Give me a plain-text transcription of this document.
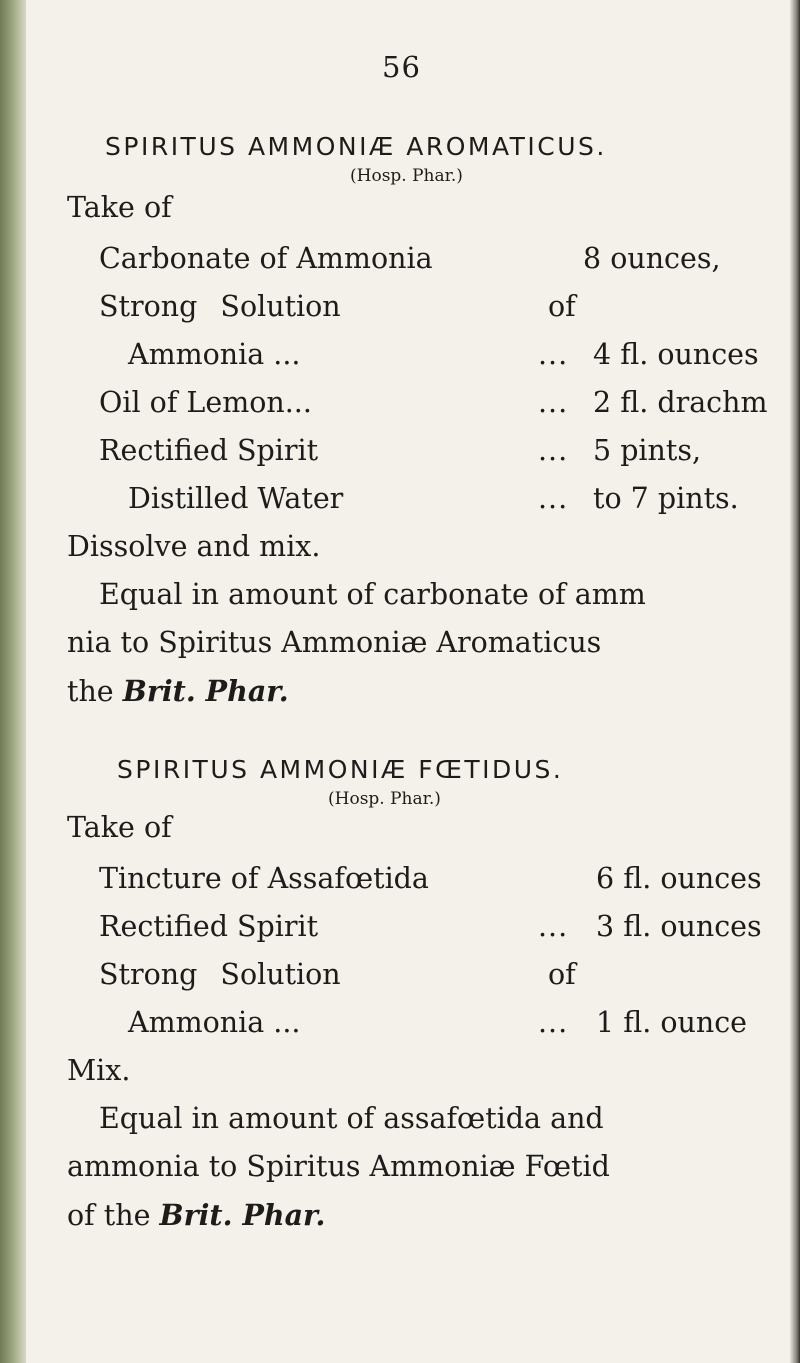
56
SPIRITUS AMMONIÆ AROMATICUS.
(Hosp. Phar.)
Take of
Carbonate of Ammonia	8 ounces,
Strong Solution	of
Ammonia ...	... 4 fl. ounces
Oil of Lemon...	... 2 fl. drachm
Rectified Spirit	... 5 pints,
Distilled Water	... to 7 pints.
Dissolve and mix.
Equal in amount of carbonate of amm
nia to Spiritus Ammoniæ Aromaticus
the Brit. Phar.
SPIRITUS AMMONIÆ FŒTIDUS.
(Hosp. Phar.)
Take of
Tincture of Assafœtida	6 fl. ounces
Rectified Spirit	... 3 fl. ounces
Strong Solution	of
Ammonia ...	... 1 fl. ounce
Mix.
Equal in amount of assafœtida and
ammonia to Spiritus Ammoniæ Fœtid
of the Brit. Phar.
